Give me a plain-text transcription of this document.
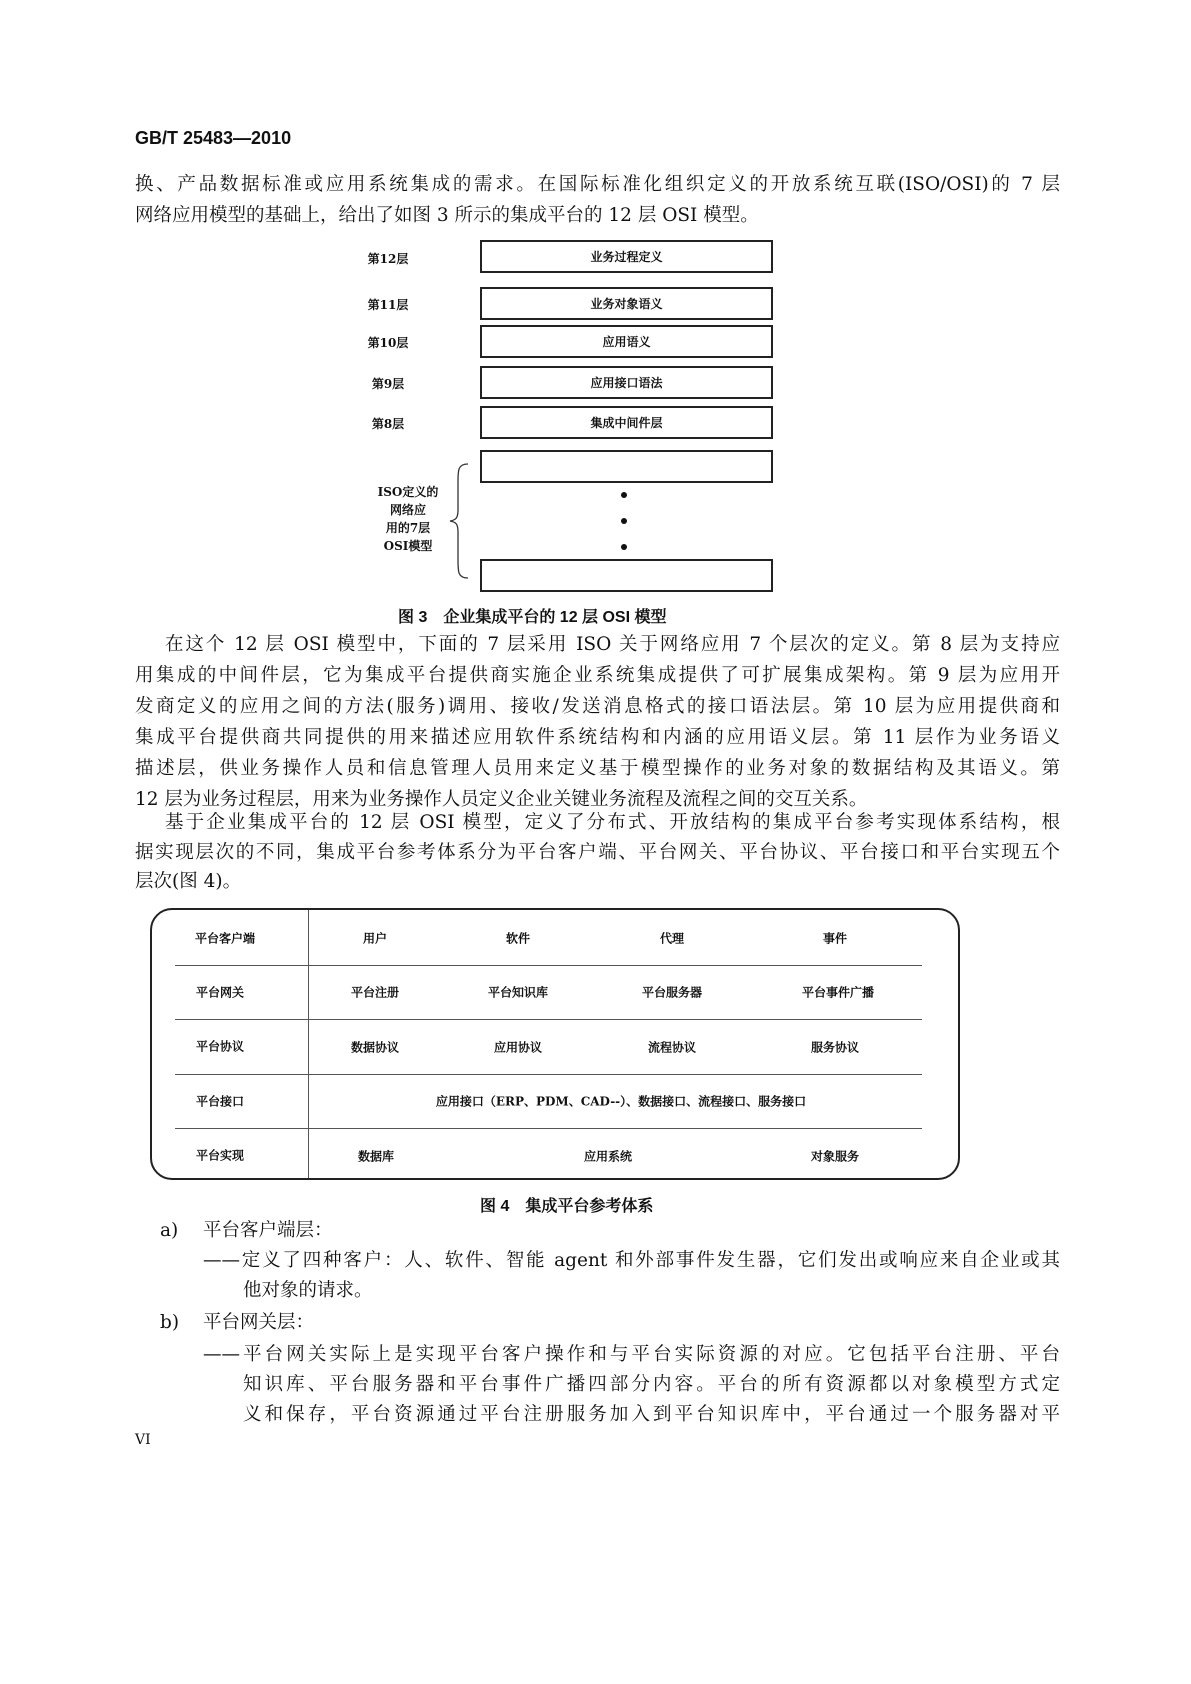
GB/T 25483—2010
换、产品数据标准或应用系统集成的需求。在国际标准化组织定义的开放系统互联(ISO/OSI)的 7 层
网络应用模型的基础上，给出了如图 3 所示的集成平台的 12 层 OSI 模型。
第12层	业务过程定义
第11层	业务对象语义
第10层	应用语义
第9层	应用接口语法
第8层	集成中间件层
ISO定义的
网络应
用的7层
OSI模型
图 3　企业集成平台的 12 层 OSI 模型
在这个 12 层 OSI 模型中，下面的 7 层采用 ISO 关于网络应用 7 个层次的定义。第 8 层为支持应
用集成的中间件层，它为集成平台提供商实施企业系统集成提供了可扩展集成架构。第 9 层为应用开
发商定义的应用之间的方法(服务)调用、接收/发送消息格式的接口语法层。第 10 层为应用提供商和
集成平台提供商共同提供的用来描述应用软件系统结构和内涵的应用语义层。第 11 层作为业务语义
描述层，供业务操作人员和信息管理人员用来定义基于模型操作的业务对象的数据结构及其语义。第
12 层为业务过程层，用来为业务操作人员定义企业关键业务流程及流程之间的交互关系。
基于企业集成平台的 12 层 OSI 模型，定义了分布式、开放结构的集成平台参考实现体系结构，根
据实现层次的不同，集成平台参考体系分为平台客户端、平台网关、平台协议、平台接口和平台实现五个
层次(图 4)。
平台客户端	用户	软件	代理	事件
平台网关	平台注册	平台知识库	平台服务器	平台事件广播
平台协议	数据协议	应用协议	流程协议	服务协议
平台接口	应用接口（ERP、PDM、CAD--）、数据接口、流程接口、服务接口
平台实现	数据库	应用系统	对象服务
图 4　集成平台参考体系
a) 平台客户端层：
——定义了四种客户：人、软件、智能 agent 和外部事件发生器，它们发出或响应来自企业或其
他对象的请求。
b) 平台网关层：
——平台网关实际上是实现平台客户操作和与平台实际资源的对应。它包括平台注册、平台
知识库、平台服务器和平台事件广播四部分内容。平台的所有资源都以对象模型方式定
义和保存，平台资源通过平台注册服务加入到平台知识库中，平台通过一个服务器对平
VI
